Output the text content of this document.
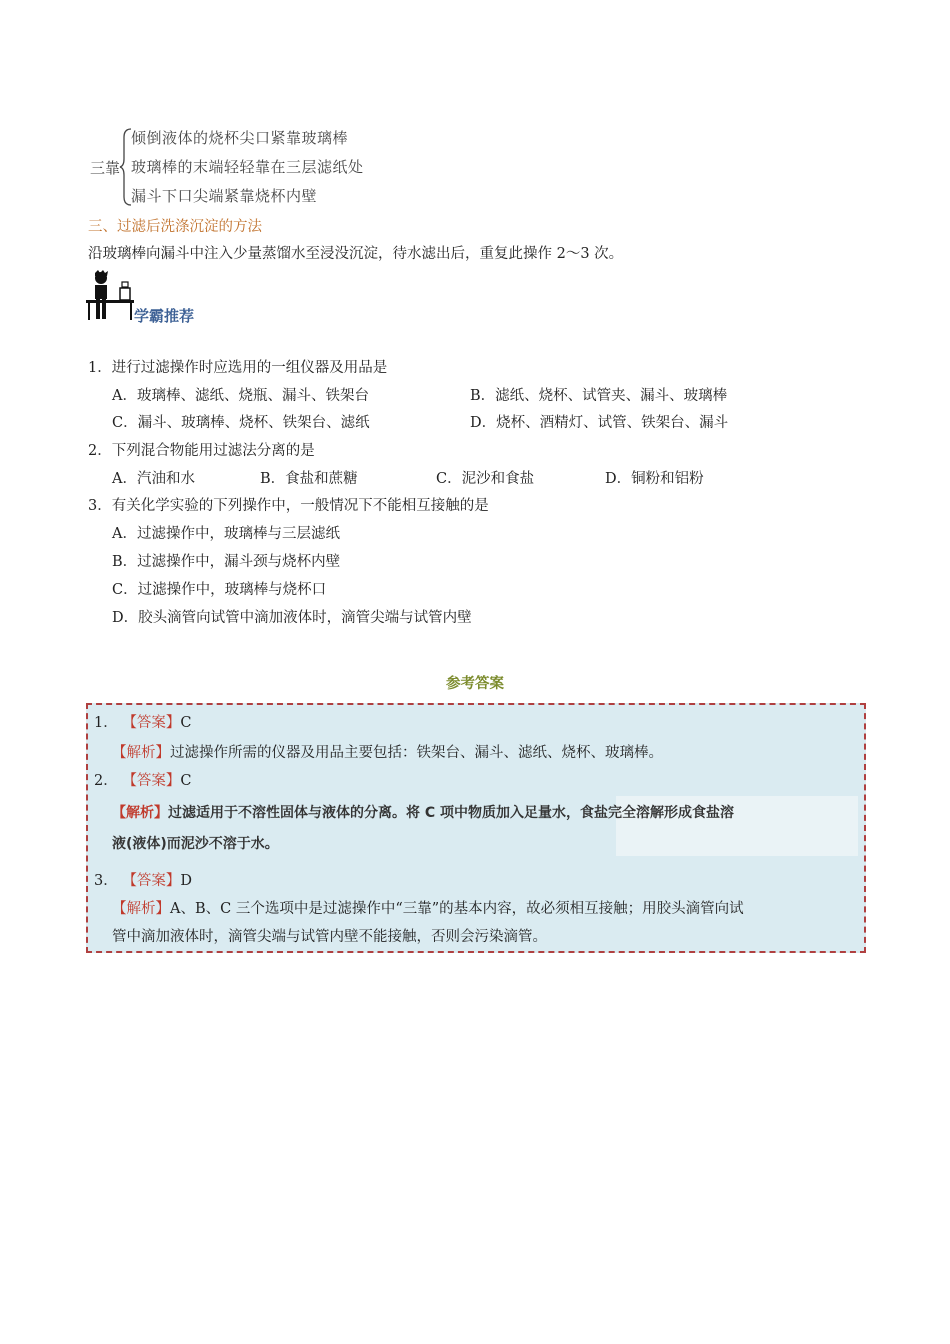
三靠
倾倒液体的烧杯尖口紧靠玻璃棒
玻璃棒的末端轻轻靠在三层滤纸处
漏斗下口尖端紧靠烧杯内壁
三、过滤后洗涤沉淀的方法
沿玻璃棒向漏斗中注入少量蒸馏水至浸没沉淀，待水滤出后，重复此操作 2～3 次。
学霸推荐
1．进行过滤操作时应选用的一组仪器及用品是
A．玻璃棒、滤纸、烧瓶、漏斗、铁架台	B．滤纸、烧杯、试管夹、漏斗、玻璃棒
C．漏斗、玻璃棒、烧杯、铁架台、滤纸	D．烧杯、酒精灯、试管、铁架台、漏斗
2．下列混合物能用过滤法分离的是
A．汽油和水	B．食盐和蔗糖	C．泥沙和食盐	D．铜粉和铝粉
3．有关化学实验的下列操作中，一般情况下不能相互接触的是
A．过滤操作中，玻璃棒与三层滤纸
B．过滤操作中，漏斗颈与烧杯内壁
C．过滤操作中，玻璃棒与烧杯口
D．胶头滴管向试管中滴加液体时，滴管尖端与试管内壁
参考答案
1． 【答案】C
【解析】过滤操作所需的仪器及用品主要包括：铁架台、漏斗、滤纸、烧杯、玻璃棒。
2． 【答案】C
【解析】过滤适用于不溶性固体与液体的分离。将 C 项中物质加入足量水，食盐完全溶解形成食盐溶
液(液体)而泥沙不溶于水。
3． 【答案】D
【解析】A、B、C 三个选项中是过滤操作中“三靠”的基本内容，故必须相互接触；用胶头滴管向试
管中滴加液体时，滴管尖端与试管内壁不能接触，否则会污染滴管。
